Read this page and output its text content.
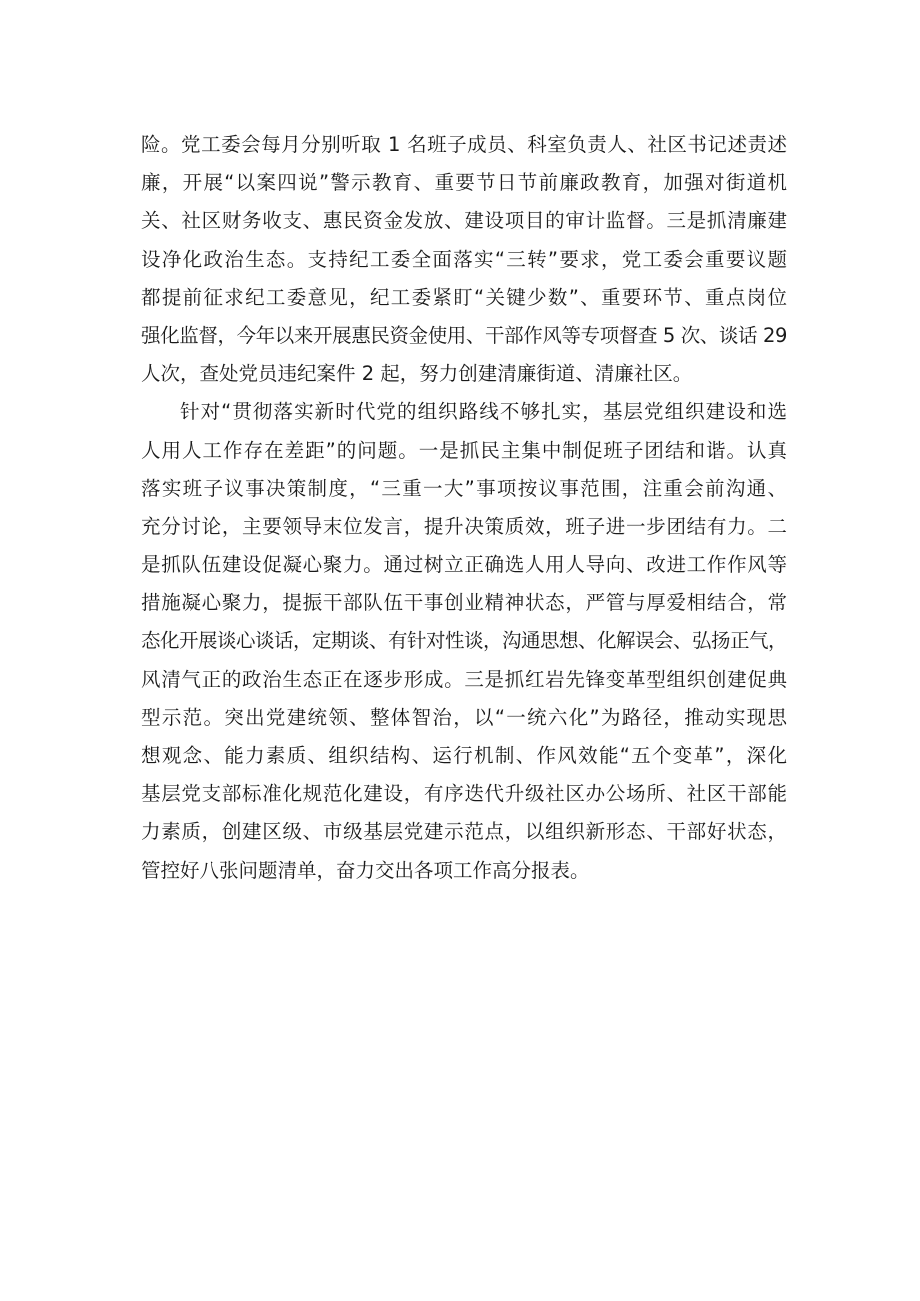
险。党工委会每月分别听取 1 名班子成员、科室负责人、社区书记述责述
廉，开展“以案四说”警示教育、重要节日节前廉政教育，加强对街道机
关、社区财务收支、惠民资金发放、建设项目的审计监督。三是抓清廉建
设净化政治生态。支持纪工委全面落实“三转”要求，党工委会重要议题
都提前征求纪工委意见，纪工委紧盯“关键少数”、重要环节、重点岗位
强化监督，今年以来开展惠民资金使用、干部作风等专项督查 5 次、谈话 29
人次，查处党员违纪案件 2 起，努力创建清廉街道、清廉社区。
针对“贯彻落实新时代党的组织路线不够扎实，基层党组织建设和选
人用人工作存在差距”的问题。一是抓民主集中制促班子团结和谐。认真
落实班子议事决策制度，“三重一大”事项按议事范围，注重会前沟通、
充分讨论，主要领导末位发言，提升决策质效，班子进一步团结有力。二
是抓队伍建设促凝心聚力。通过树立正确选人用人导向、改进工作作风等
措施凝心聚力，提振干部队伍干事创业精神状态，严管与厚爱相结合，常
态化开展谈心谈话，定期谈、有针对性谈，沟通思想、化解误会、弘扬正气，
风清气正的政治生态正在逐步形成。三是抓红岩先锋变革型组织创建促典
型示范。突出党建统领、整体智治，以“一统六化”为路径，推动实现思
想观念、能力素质、组织结构、运行机制、作风效能“五个变革”，深化
基层党支部标准化规范化建设，有序迭代升级社区办公场所、社区干部能
力素质，创建区级、市级基层党建示范点，以组织新形态、干部好状态，
管控好八张问题清单，奋力交出各项工作高分报表。
